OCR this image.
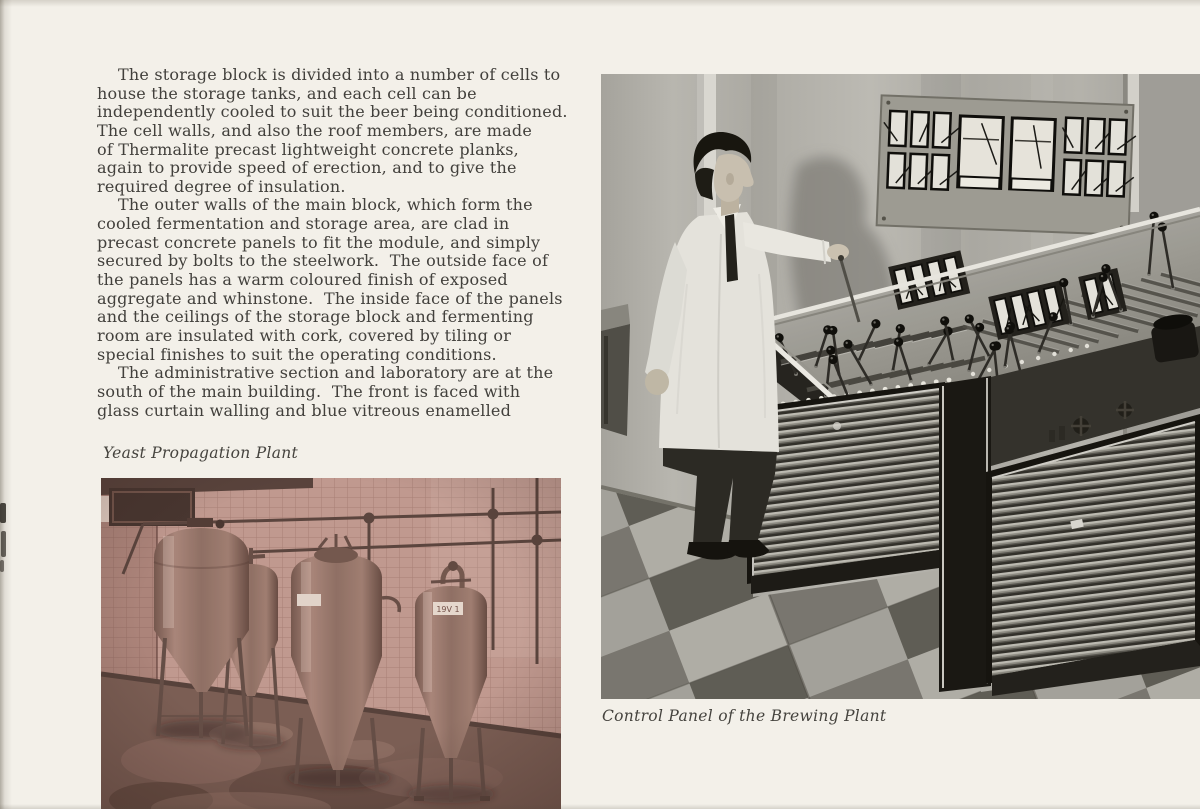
The storage block is divided into a number of cells to
house the storage tanks, and each cell can be
independently cooled to suit the beer being conditioned.
The cell walls, and also the roof members, are made
of Thermalite precast lightweight concrete planks,
again to provide speed of erection, and to give the
required degree of insulation.
The outer walls of the main block, which form the
cooled fermentation and storage area, are clad in
precast concrete panels to fit the module, and simply
secured by bolts to the steelwork.  The outside face of
the panels has a warm coloured finish of exposed
aggregate and whinstone.  The inside face of the panels
and the ceilings of the storage block and fermenting
room are insulated with cork, covered by tiling or
special finishes to suit the operating conditions.
The administrative section and laboratory are at the
south of the main building.  The front is faced with
glass curtain walling and blue vitreous enamelled
Yeast Propagation Plant
Control Panel of the Brewing Plant
